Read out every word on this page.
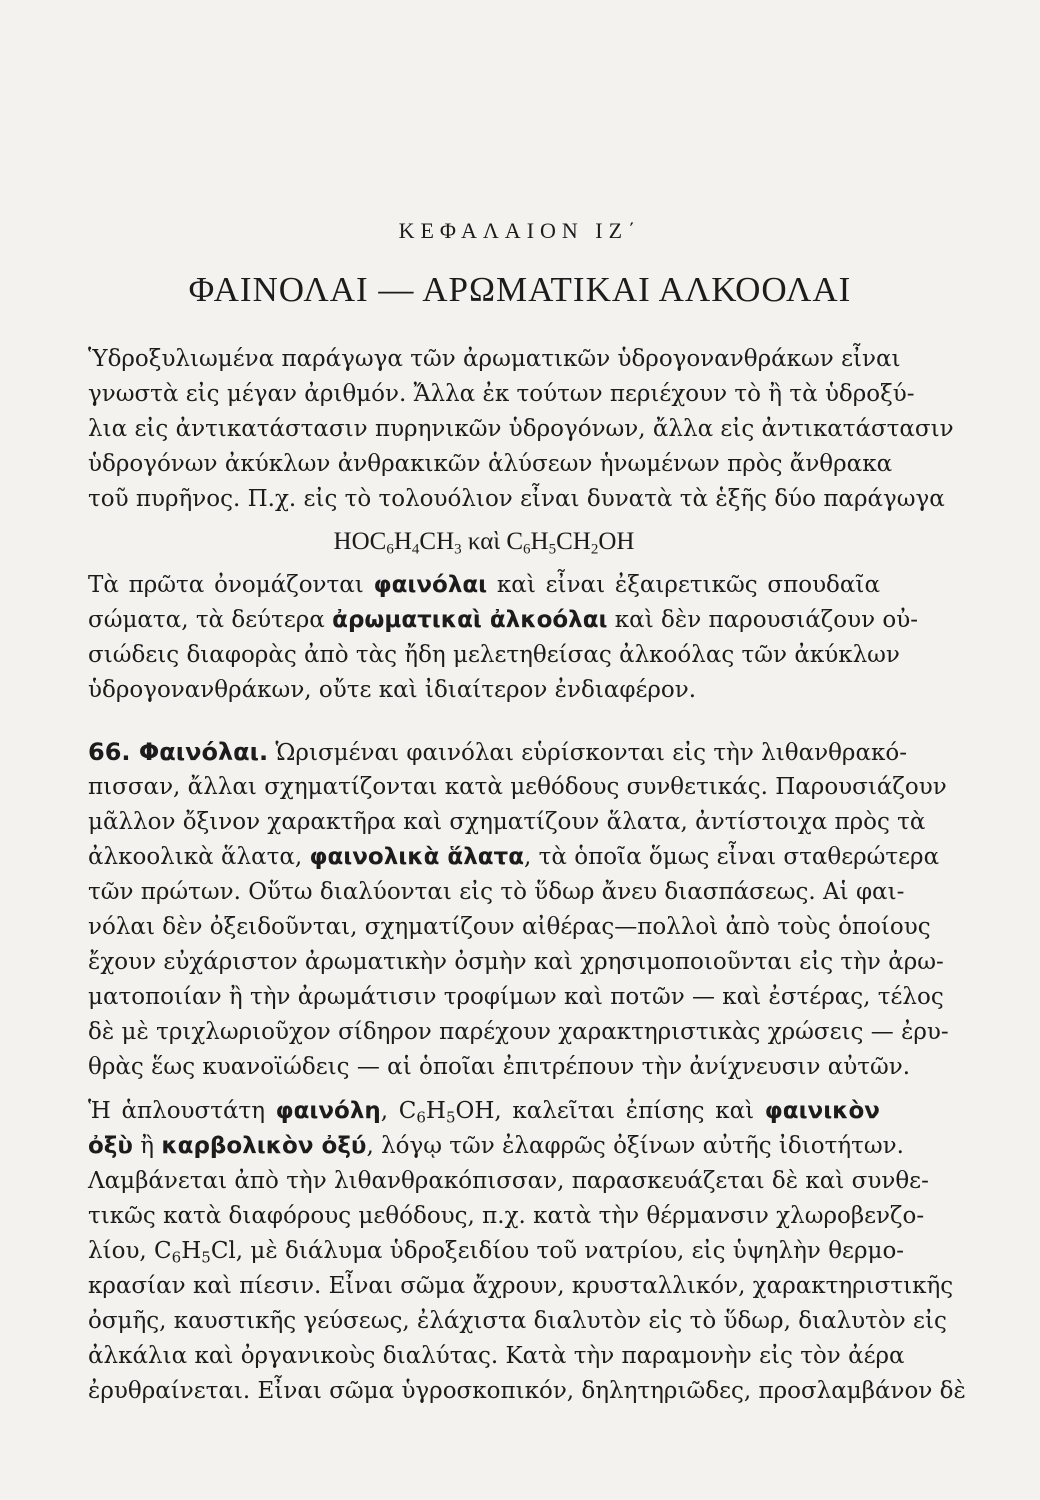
ΚΕΦΑΛΑΙΟΝ ΙΖ΄
ΦΑΙΝΟΛΑΙ — ΑΡΩΜΑΤΙΚΑΙ ΑΛΚΟΟΛΑΙ
Ὑδροξυλιωμένα παράγωγα τῶν ἀρωματικῶν ὑδρογονανθράκων εἶναι
γνωστὰ εἰς μέγαν ἀριθμόν. Ἄλλα ἐκ τούτων περιέχουν τὸ ἢ τὰ ὑδροξύ-
λια εἰς ἀντικατάστασιν πυρηνικῶν ὑδρογόνων, ἄλλα εἰς ἀντικατάστασιν
ὑδρογόνων ἀκύκλων ἀνθρακικῶν ἁλύσεων ἡνωμένων πρὸς ἄνθρακα
τοῦ πυρῆνος. Π.χ. εἰς τὸ τολουόλιον εἶναι δυνατὰ τὰ ἑξῆς δύο παράγωγα
$HOC_6H_4CH_3$ καὶ $C_6H_5CH_2OH$
Τὰ πρῶτα ὀνομάζονται φαινόλαι καὶ εἶναι ἐξαιρετικῶς σπουδαῖα
σώματα, τὰ δεύτερα ἀρωματικαὶ ἀλκοόλαι καὶ δὲν παρουσιάζουν οὐ-
σιώδεις διαφορὰς ἀπὸ τὰς ἤδη μελετηθείσας ἀλκοόλας τῶν ἀκύκλων
ὑδρογονανθράκων, οὔτε καὶ ἰδιαίτερον ἐνδιαφέρον.
66. Φαινόλαι. Ὡρισμέναι φαινόλαι εὑρίσκονται εἰς τὴν λιθανθρακό-
πισσαν, ἄλλαι σχηματίζονται κατὰ μεθόδους συνθετικάς. Παρουσιάζουν
μᾶλλον ὄξινον χαρακτῆρα καὶ σχηματίζουν ἅλατα, ἀντίστοιχα πρὸς τὰ
ἀλκοολικὰ ἅλατα, φαινολικὰ ἅλατα, τὰ ὁποῖα ὅμως εἶναι σταθερώτερα
τῶν πρώτων. Οὕτω διαλύονται εἰς τὸ ὕδωρ ἄνευ διασπάσεως. Αἱ φαι-
νόλαι δὲν ὀξειδοῦνται, σχηματίζουν αἰθέρας—πολλοὶ ἀπὸ τοὺς ὁποίους
ἔχουν εὐχάριστον ἀρωματικὴν ὀσμὴν καὶ χρησιμοποιοῦνται εἰς τὴν ἀρω-
ματοποιίαν ἢ τὴν ἀρωμάτισιν τροφίμων καὶ ποτῶν — καὶ ἐστέρας, τέλος
δὲ μὲ τριχλωριοῦχον σίδηρον παρέχουν χαρακτηριστικὰς χρώσεις — ἐρυ-
θρὰς ἕως κυανοϊώδεις — αἱ ὁποῖαι ἐπιτρέπουν τὴν ἀνίχνευσιν αὐτῶν.
Ἡ ἁπλουστάτη φαινόλη, $C_6H_5OH$, καλεῖται ἐπίσης καὶ φαινικὸν
ὀξὺ ἢ καρβολικὸν ὀξύ, λόγῳ τῶν ἐλαφρῶς ὀξίνων αὐτῆς ἰδιοτήτων.
Λαμβάνεται ἀπὸ τὴν λιθανθρακόπισσαν, παρασκευάζεται δὲ καὶ συνθε-
τικῶς κατὰ διαφόρους μεθόδους, π.χ. κατὰ τὴν θέρμανσιν χλωροβενζο-
λίου, $C_6H_5Cl$, μὲ διάλυμα ὑδροξειδίου τοῦ νατρίου, εἰς ὑψηλὴν θερμο-
κρασίαν καὶ πίεσιν. Εἶναι σῶμα ἄχρουν, κρυσταλλικόν, χαρακτηριστικῆς
ὀσμῆς, καυστικῆς γεύσεως, ἐλάχιστα διαλυτὸν εἰς τὸ ὕδωρ, διαλυτὸν εἰς
ἀλκάλια καὶ ὀργανικοὺς διαλύτας. Κατὰ τὴν παραμονὴν εἰς τὸν ἀέρα
ἐρυθραίνεται. Εἶναι σῶμα ὑγροσκοπικόν, δηλητηριῶδες, προσλαμβάνον δὲ
